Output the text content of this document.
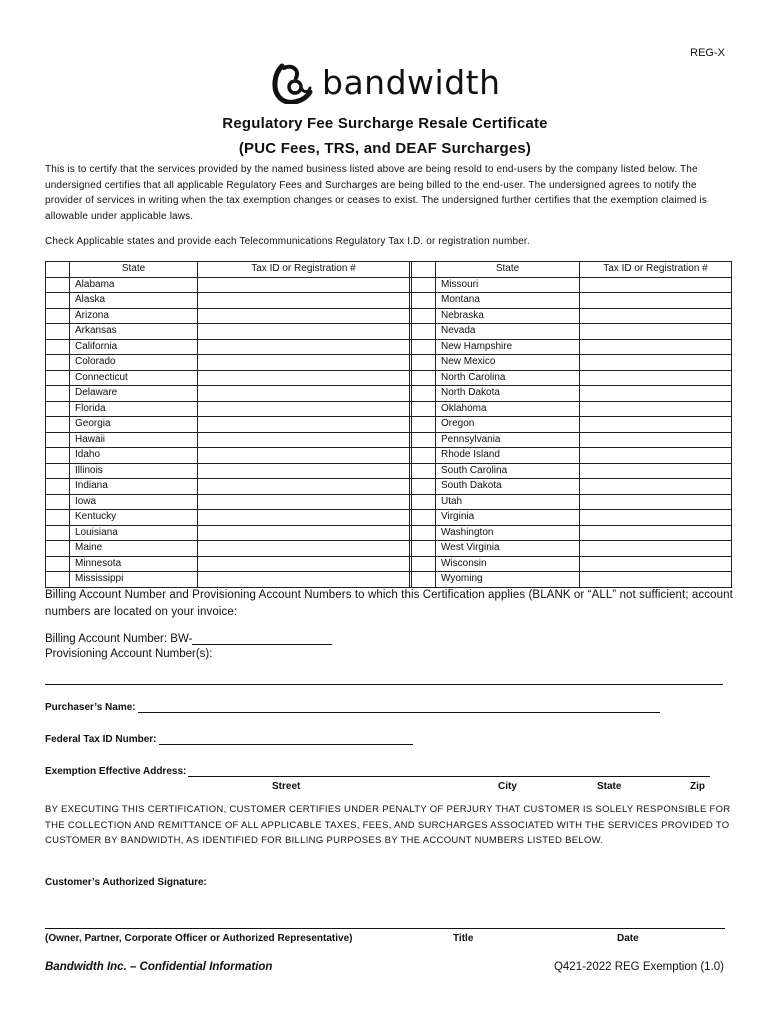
REG-X
bandwidth
Regulatory Fee Surcharge Resale Certificate
(PUC Fees, TRS, and DEAF Surcharges)
This is to certify that the services provided by the named business listed above are being resold to end-users by the company listed below. The undersigned certifies that all applicable Regulatory Fees and Surcharges are being billed to the end-user. The undersigned agrees to notify the provider of services in writing when the tax exemption changes or ceases to exist. The undersigned further certifies that the exemption claimed is allowable under applicable laws.
Check Applicable states and provide each Telecommunications Regulatory Tax I.D. or registration number.
	State	Tax ID or Registration #			State	Tax ID or Registration #
	Alabama				Missouri	
	Alaska				Montana	
	Arizona				Nebraska	
	Arkansas				Nevada	
	California				New Hampshire	
	Colorado				New Mexico	
	Connecticut				North Carolina	
	Delaware				North Dakota	
	Florida				Oklahoma	
	Georgia				Oregon	
	Hawaii				Pennsylvania	
	Idaho				Rhode Island	
	Illinois				South Carolina	
	Indiana				South Dakota	
	Iowa				Utah	
	Kentucky				Virginia	
	Louisiana				Washington	
	Maine				West Virginia	
	Minnesota				Wisconsin	
	Mississippi				Wyoming	
Billing Account Number and Provisioning Account Numbers to which this Certification applies (BLANK or “ALL” not sufficient; account numbers are located on your invoice:
Billing Account Number: BW-
Provisioning Account Number(s):
Purchaser’s Name:
Federal Tax ID Number:
Exemption Effective Address:
Street	City	State	Zip
BY EXECUTING THIS CERTIFICATION, CUSTOMER CERTIFIES UNDER PENALTY OF PERJURY THAT CUSTOMER IS SOLELY RESPONSIBLE FOR THE COLLECTION AND REMITTANCE OF ALL APPLICABLE TAXES, FEES, AND SURCHARGES ASSOCIATED WITH THE SERVICES PROVIDED TO CUSTOMER BY BANDWIDTH, AS IDENTIFIED FOR BILLING PURPOSES BY THE ACCOUNT NUMBERS LISTED BELOW.
Customer’s Authorized Signature:
(Owner, Partner, Corporate Officer or Authorized Representative)	Title	Date
Bandwidth Inc. – Confidential Information	Q421-2022 REG Exemption (1.0)
